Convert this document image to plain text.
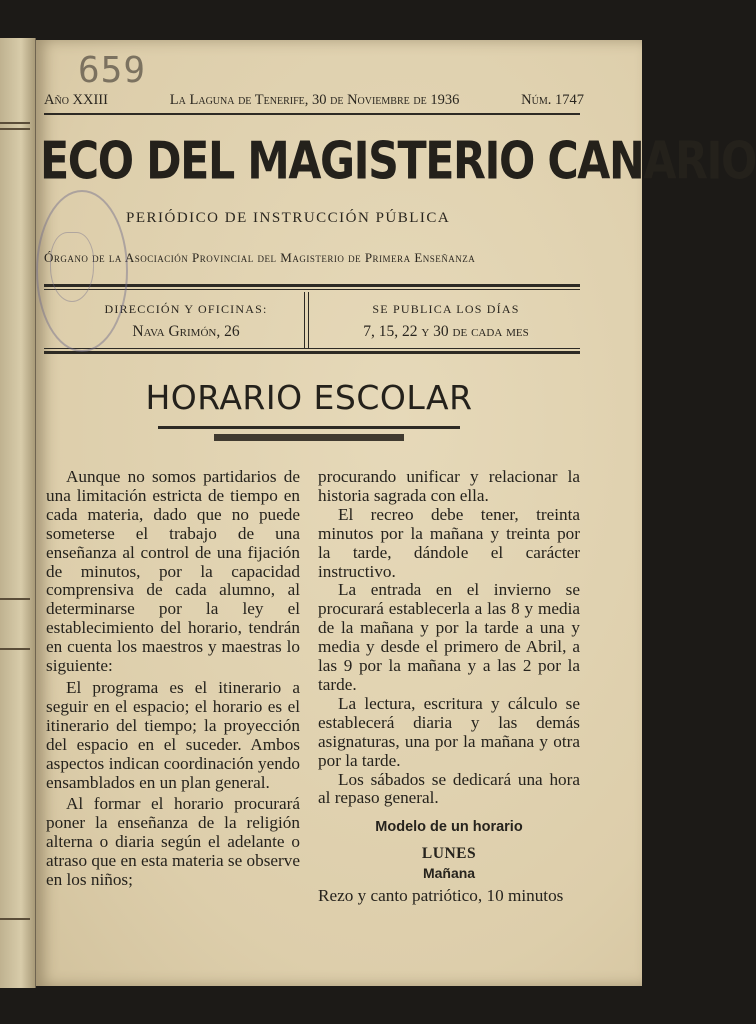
659
Año XXIII	La Laguna de Tenerife, 30 de Noviembre de 1936	Núm. 1747
ECO DEL MAGISTERIO CANARIO
PERIÓDICO DE INSTRUCCIÓN PÚBLICA
Órgano de la Asociación Provincial del Magisterio de Primera Enseñanza
DIRECCIÓN Y OFICINAS:
Nava Grimón, 26
SE PUBLICA LOS DÍAS
7, 15, 22 y 30 de cada mes
HORARIO ESCOLAR

Aunque no somos partidarios de una limitación estricta de tiempo en cada materia, dado que no puede someterse el trabajo de una enseñanza al control de una fijación de minutos, por la capacidad comprensiva de cada alumno, al determinarse por la ley el establecimiento del horario, tendrán en cuenta los maestros y maestras lo siguiente:

El programa es el itinerario a seguir en el espacio; el horario es el itinerario del tiempo; la proyección del espacio en el suceder. Ambos aspectos indican coordinación yendo ensamblados en un plan general.

Al formar el horario procurará poner la enseñanza de la religión alterna o diaria según el adelante o atraso que en esta materia se observe en los niños;

procurando unificar y relacionar la historia sagrada con ella.

El recreo debe tener, treinta minutos por la mañana y treinta por la tarde, dándole el carácter instructivo.

La entrada en el invierno se procurará establecerla a las 8 y media de la mañana y por la tarde a una y media y desde el primero de Abril, a las 9 por la mañana y a las 2 por la tarde.

La lectura, escritura y cálculo se establecerá diaria y las demás asignaturas, una por la mañana y otra por la tarde.

Los sábados se dedicará una hora al repaso general.

Modelo de un horario
LUNES
Mañana

Rezo y canto patriótico, 10 minutos
